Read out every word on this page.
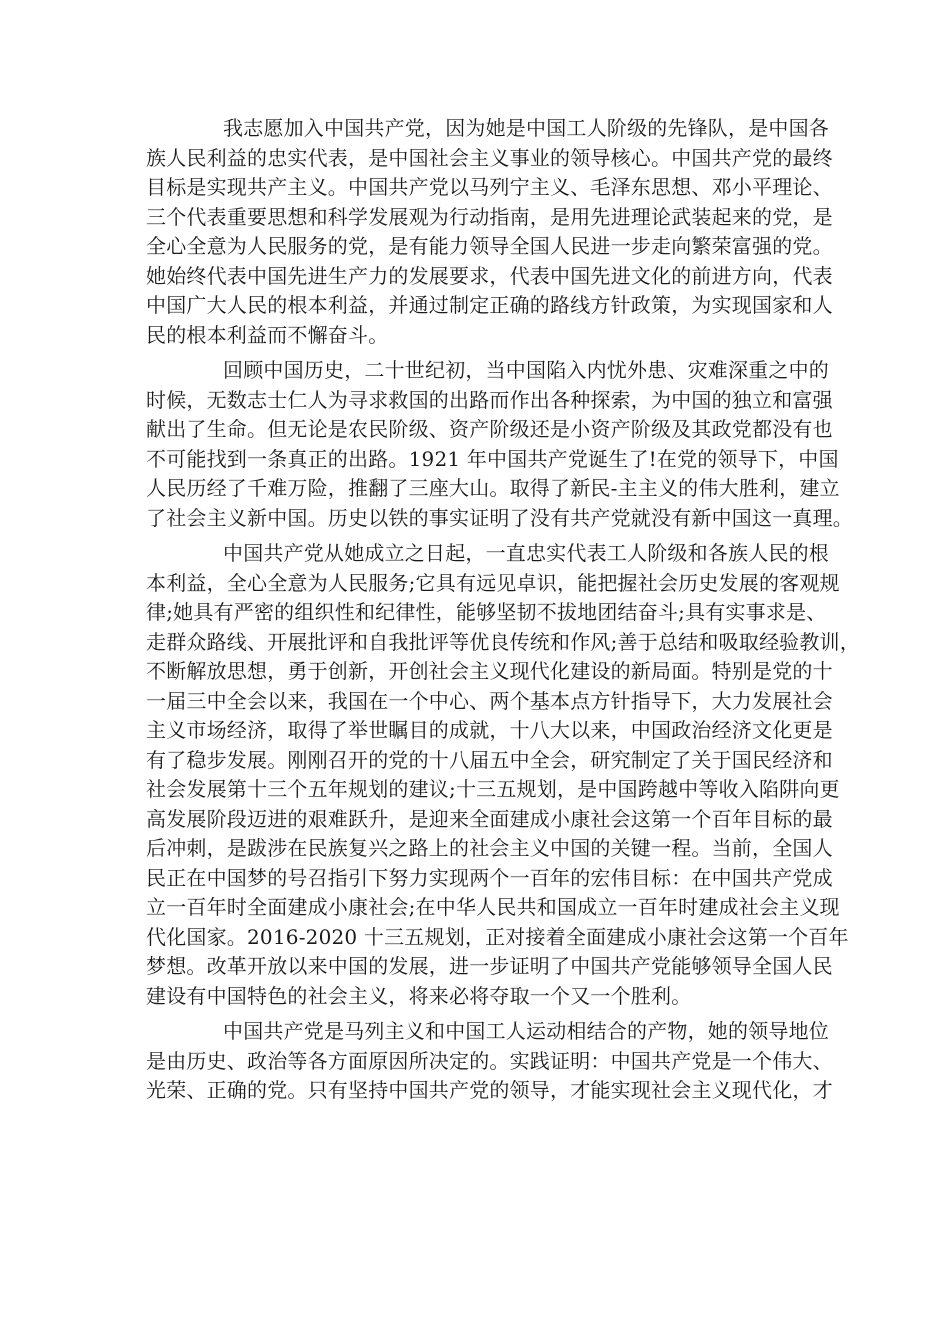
我志愿加入中国共产党，因为她是中国工人阶级的先锋队，是中国各
族人民利益的忠实代表，是中国社会主义事业的领导核心。中国共产党的最终
目标是实现共产主义。中国共产党以马列宁主义、毛泽东思想、邓小平理论、
三个代表重要思想和科学发展观为行动指南，是用先进理论武装起来的党，是
全心全意为人民服务的党，是有能力领导全国人民进一步走向繁荣富强的党。
她始终代表中国先进生产力的发展要求，代表中国先进文化的前进方向，代表
中国广大人民的根本利益，并通过制定正确的路线方针政策，为实现国家和人
民的根本利益而不懈奋斗。

回顾中国历史，二十世纪初，当中国陷入内忧外患、灾难深重之中的
时候，无数志士仁人为寻求救国的出路而作出各种探索，为中国的独立和富强
献出了生命。但无论是农民阶级、资产阶级还是小资产阶级及其政党都没有也
不可能找到一条真正的出路。1921 年中国共产党诞生了!在党的领导下，中国
人民历经了千难万险，推翻了三座大山。取得了新民-主主义的伟大胜利，建立
了社会主义新中国。历史以铁的事实证明了没有共产党就没有新中国这一真理。

中国共产党从她成立之日起，一直忠实代表工人阶级和各族人民的根
本利益，全心全意为人民服务;它具有远见卓识，能把握社会历史发展的客观规
律;她具有严密的组织性和纪律性，能够坚韧不拔地团结奋斗;具有实事求是、
走群众路线、开展批评和自我批评等优良传统和作风;善于总结和吸取经验教训，
不断解放思想，勇于创新，开创社会主义现代化建设的新局面。特别是党的十
一届三中全会以来，我国在一个中心、两个基本点方针指导下，大力发展社会
主义市场经济，取得了举世瞩目的成就，十八大以来，中国政治经济文化更是
有了稳步发展。刚刚召开的党的十八届五中全会，研究制定了关于国民经济和
社会发展第十三个五年规划的建议;十三五规划，是中国跨越中等收入陷阱向更
高发展阶段迈进的艰难跃升，是迎来全面建成小康社会这第一个百年目标的最
后冲刺，是跋涉在民族复兴之路上的社会主义中国的关键一程。当前，全国人
民正在中国梦的号召指引下努力实现两个一百年的宏伟目标：在中国共产党成
立一百年时全面建成小康社会;在中华人民共和国成立一百年时建成社会主义现
代化国家。2016-2020 十三五规划，正对接着全面建成小康社会这第一个百年
梦想。改革开放以来中国的发展，进一步证明了中国共产党能够领导全国人民
建设有中国特色的社会主义，将来必将夺取一个又一个胜利。

中国共产党是马列主义和中国工人运动相结合的产物，她的领导地位
是由历史、政治等各方面原因所决定的。实践证明：中国共产党是一个伟大、
光荣、正确的党。只有坚持中国共产党的领导，才能实现社会主义现代化，才
